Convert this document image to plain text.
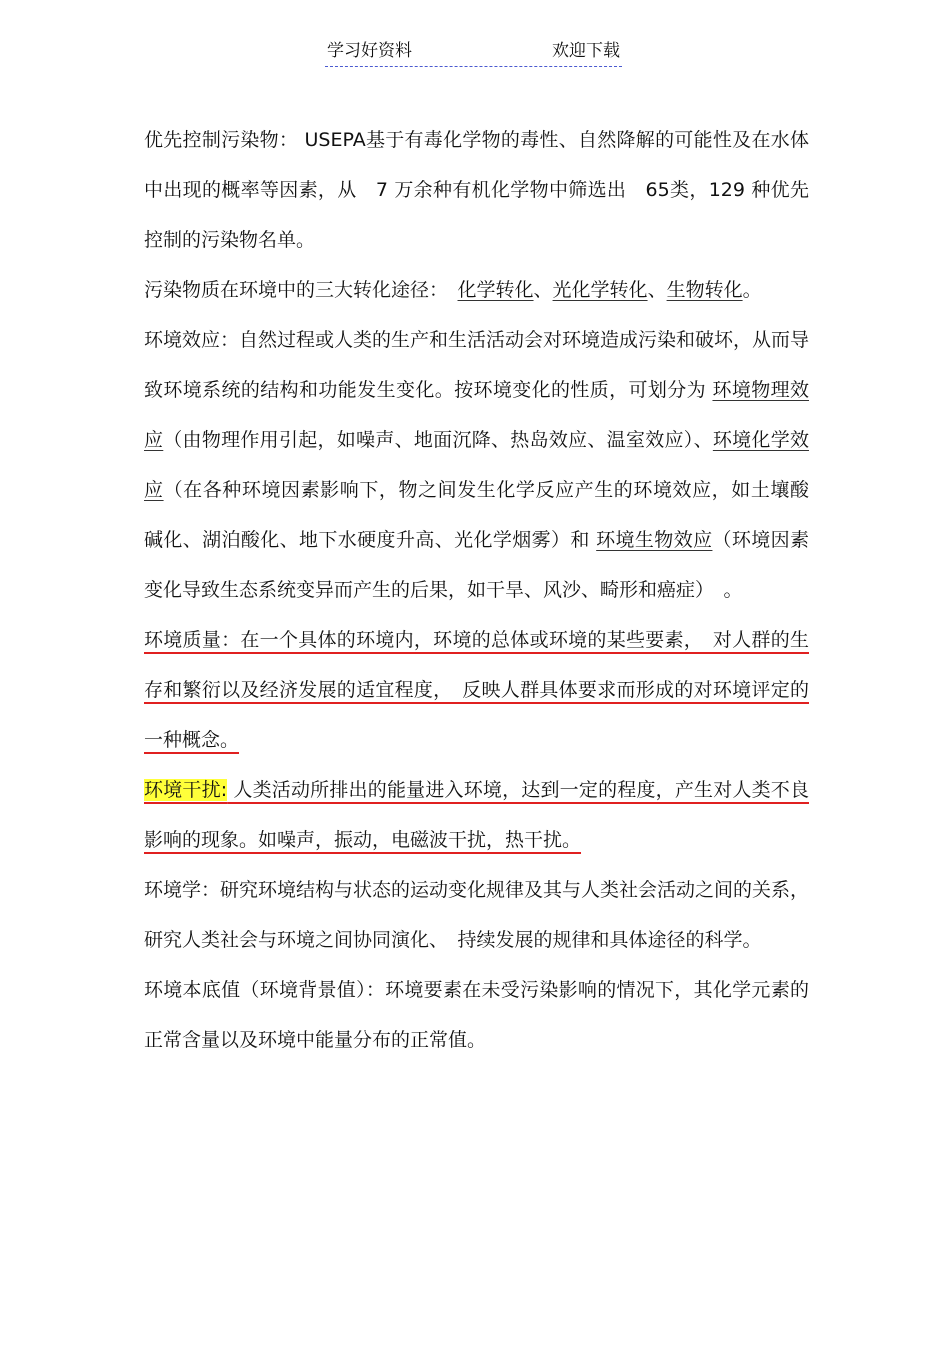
学习好资料	欢迎下载

优先控制污染物： USEPA基于有毒化学物的毒性、自然降解的可能性及在水体中出现的概率等因素，从　7 万余种有机化学物中筛选出　65类，129 种优先控制的污染物名单。

污染物质在环境中的三大转化途径：　化学转化、光化学转化、生物转化。

环境效应：自然过程或人类的生产和生活活动会对环境造成污染和破坏，从而导致环境系统的结构和功能发生变化。按环境变化的性质，可划分为 环境物理效应（由物理作用引起，如噪声、地面沉降、热岛效应、温室效应）、环境化学效应（在各种环境因素影响下，物之间发生化学反应产生的环境效应，如土壤酸碱化、湖泊酸化、地下水硬度升高、光化学烟雾）和 环境生物效应（环境因素变化导致生态系统变异而产生的后果，如干旱、风沙、畸形和癌症）　。

环境质量：在一个具体的环境内，环境的总体或环境的某些要素，　对人群的生存和繁衍以及经济发展的适宜程度，　反映人群具体要求而形成的对环境评定的一种概念。

环境干扰: 人类活动所排出的能量进入环境，达到一定的程度，产生对人类不良影响的现象。如噪声，振动，电磁波干扰，热干扰。

环境学：研究环境结构与状态的运动变化规律及其与人类社会活动之间的关系，研究人类社会与环境之间协同演化、　持续发展的规律和具体途径的科学。

环境本底值（环境背景值）：环境要素在未受污染影响的情况下，其化学元素的正常含量以及环境中能量分布的正常值。
